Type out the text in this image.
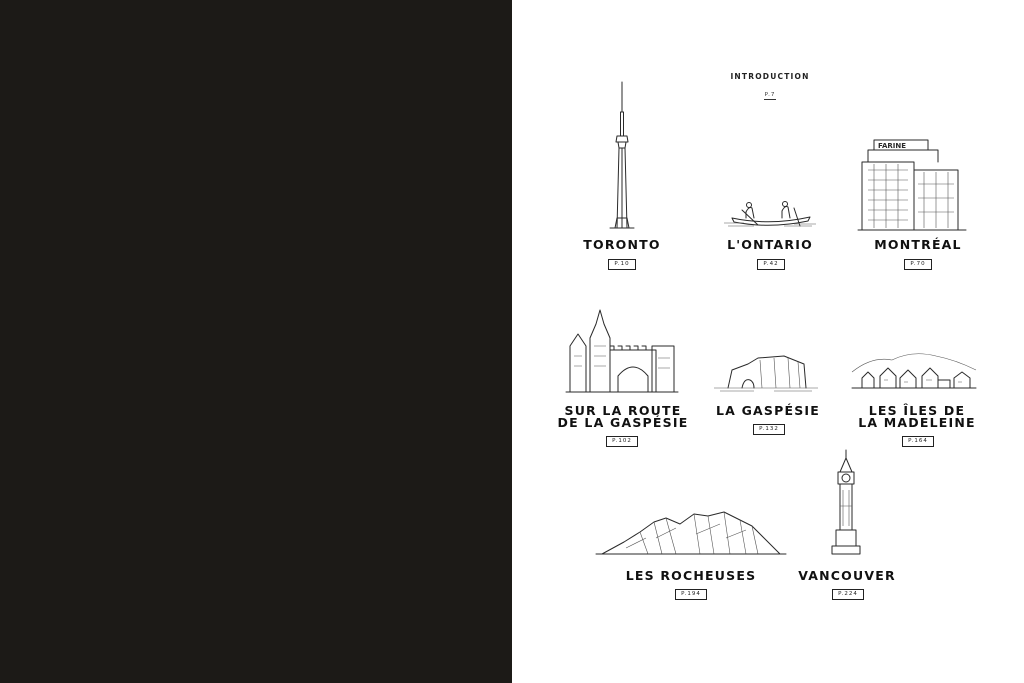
INTRODUCTION
P.7
FARINE
TORONTO
P.10
L'ONTARIO
P.42
MONTRÉAL
P.70
SUR LA ROUTE
DE LA GASPÉSIE
P.102
LA GASPÉSIE
P.132
LES ÎLES DE
LA MADELEINE
P.164
LES ROCHEUSES
P.194
VANCOUVER
P.224
